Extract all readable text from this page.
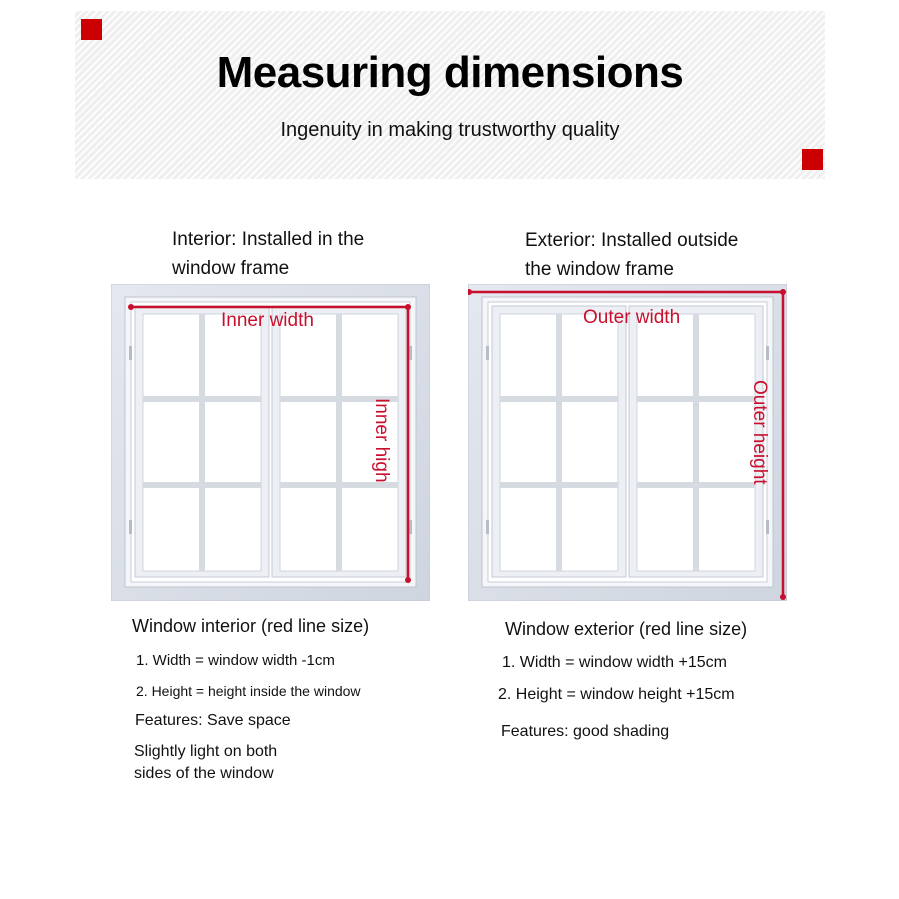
Measuring dimensions
Ingenuity in making trustworthy quality
Interior: Installed in the
window frame
Exterior: Installed outside
the window frame
Inner width
Inner high
Outer width
Outer height
Window interior (red line size)
1. Width = window width -1cm
2. Height = height inside the window
Features: Save space
Slightly light on both
sides of the window
Window exterior (red line size)
1. Width = window width +15cm
2. Height = window height +15cm
Features: good shading
